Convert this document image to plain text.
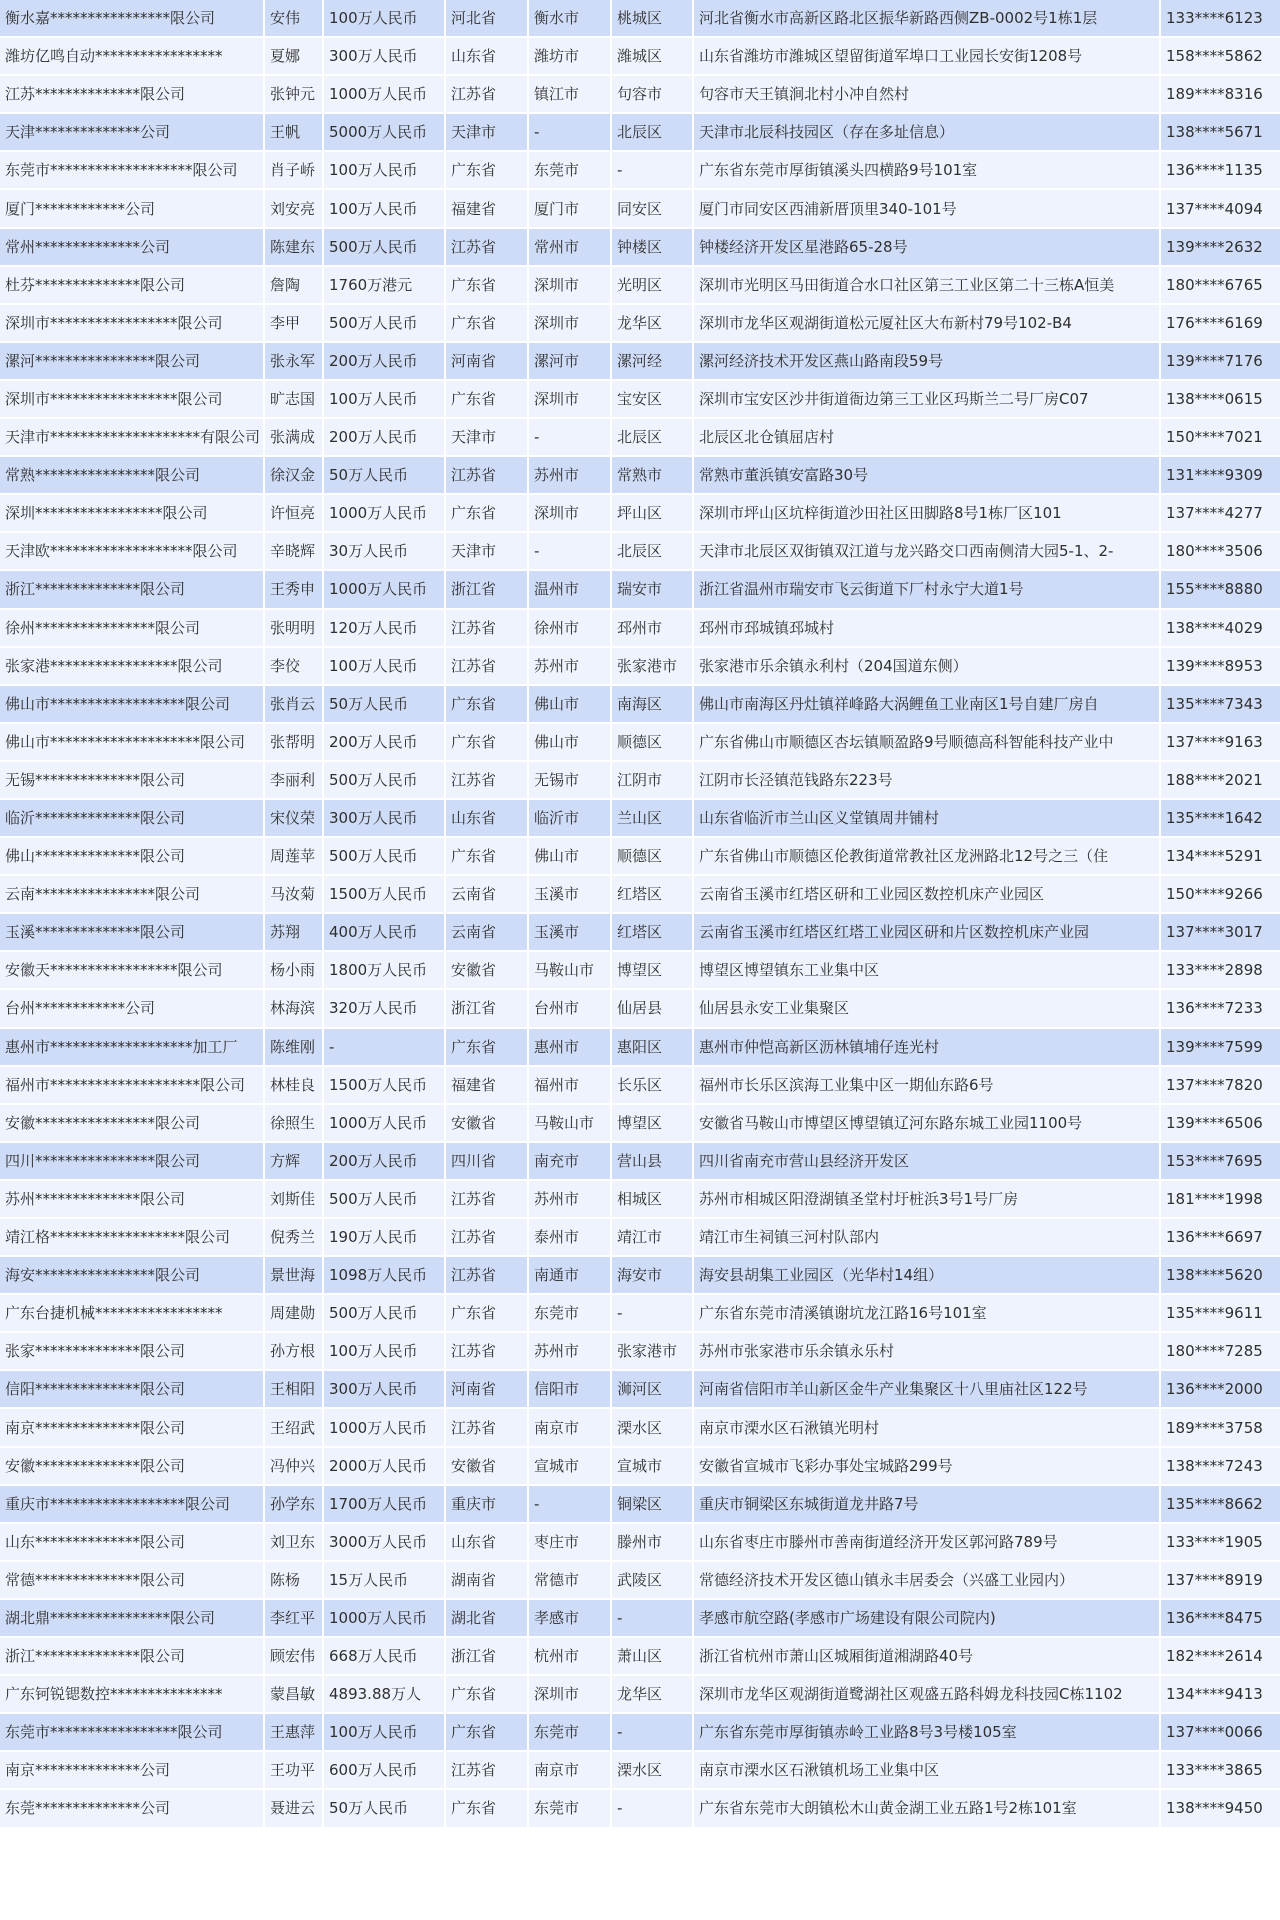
衡水嘉****************限公司	安伟	100万人民币	河北省	衡水市	桃城区	河北省衡水市高新区路北区振华新路西侧ZB-0002号1栋1层	133****6123
潍坊亿鸣自动*****************	夏娜	300万人民币	山东省	潍坊市	潍城区	山东省潍坊市潍城区望留街道军埠口工业园长安街1208号	158****5862
江苏**************限公司	张钟元	1000万人民币	江苏省	镇江市	句容市	句容市天王镇涧北村小冲自然村	189****8316
天津**************公司	王帆	5000万人民币	天津市	-	北辰区	天津市北辰科技园区（存在多址信息）	138****5671
东莞市*******************限公司	肖子峤	100万人民币	广东省	东莞市	-	广东省东莞市厚街镇溪头四横路9号101室	136****1135
厦门************公司	刘安亮	100万人民币	福建省	厦门市	同安区	厦门市同安区西浦新厝顶里340-101号	137****4094
常州**************公司	陈建东	500万人民币	江苏省	常州市	钟楼区	钟楼经济开发区星港路65-28号	139****2632
杜芬**************限公司	詹陶	1760万港元	广东省	深圳市	光明区	深圳市光明区马田街道合水口社区第三工业区第二十三栋A恒美	180****6765
深圳市*****************限公司	李甲	500万人民币	广东省	深圳市	龙华区	深圳市龙华区观湖街道松元厦社区大布新村79号102-B4	176****6169
漯河****************限公司	张永军	200万人民币	河南省	漯河市	漯河经	漯河经济技术开发区燕山路南段59号	139****7176
深圳市*****************限公司	旷志国	100万人民币	广东省	深圳市	宝安区	深圳市宝安区沙井街道衙边第三工业区玛斯兰二号厂房C07	138****0615
天津市********************有限公司	张满成	200万人民币	天津市	-	北辰区	北辰区北仓镇屈店村	150****7021
常熟****************限公司	徐汉金	50万人民币	江苏省	苏州市	常熟市	常熟市董浜镇安富路30号	131****9309
深圳*****************限公司	许恒亮	1000万人民币	广东省	深圳市	坪山区	深圳市坪山区坑梓街道沙田社区田脚路8号1栋厂区101	137****4277
天津欧*******************限公司	辛晓辉	30万人民币	天津市	-	北辰区	天津市北辰区双街镇双江道与龙兴路交口西南侧清大园5-1、2-	180****3506
浙江**************限公司	王秀申	1000万人民币	浙江省	温州市	瑞安市	浙江省温州市瑞安市飞云街道下厂村永宁大道1号	155****8880
徐州****************限公司	张明明	120万人民币	江苏省	徐州市	邳州市	邳州市邳城镇邳城村	138****4029
张家港*****************限公司	李佼	100万人民币	江苏省	苏州市	张家港市	张家港市乐余镇永利村（204国道东侧）	139****8953
佛山市******************限公司	张肖云	50万人民币	广东省	佛山市	南海区	佛山市南海区丹灶镇祥峰路大涡鲤鱼工业南区1号自建厂房自	135****7343
佛山市********************限公司	张帮明	200万人民币	广东省	佛山市	顺德区	广东省佛山市顺德区杏坛镇顺盈路9号顺德高科智能科技产业中	137****9163
无锡**************限公司	李丽利	500万人民币	江苏省	无锡市	江阴市	江阴市长泾镇范钱路东223号	188****2021
临沂**************限公司	宋仪荣	300万人民币	山东省	临沂市	兰山区	山东省临沂市兰山区义堂镇周井铺村	135****1642
佛山**************限公司	周莲苹	500万人民币	广东省	佛山市	顺德区	广东省佛山市顺德区伦教街道常教社区龙洲路北12号之三（住	134****5291
云南****************限公司	马汝菊	1500万人民币	云南省	玉溪市	红塔区	云南省玉溪市红塔区研和工业园区数控机床产业园区	150****9266
玉溪**************限公司	苏翔	400万人民币	云南省	玉溪市	红塔区	云南省玉溪市红塔区红塔工业园区研和片区数控机床产业园	137****3017
安徽天*****************限公司	杨小雨	1800万人民币	安徽省	马鞍山市	博望区	博望区博望镇东工业集中区	133****2898
台州************公司	林海滨	320万人民币	浙江省	台州市	仙居县	仙居县永安工业集聚区	136****7233
惠州市*******************加工厂	陈维刚	-	广东省	惠州市	惠阳区	惠州市仲恺高新区沥林镇埔仔连光村	139****7599
福州市********************限公司	林桂良	1500万人民币	福建省	福州市	长乐区	福州市长乐区滨海工业集中区一期仙东路6号	137****7820
安徽****************限公司	徐照生	1000万人民币	安徽省	马鞍山市	博望区	安徽省马鞍山市博望区博望镇辽河东路东城工业园1100号	139****6506
四川****************限公司	方辉	200万人民币	四川省	南充市	营山县	四川省南充市营山县经济开发区	153****7695
苏州**************限公司	刘斯佳	500万人民币	江苏省	苏州市	相城区	苏州市相城区阳澄湖镇圣堂村圩桩浜3号1号厂房	181****1998
靖江格******************限公司	倪秀兰	190万人民币	江苏省	泰州市	靖江市	靖江市生祠镇三河村队部内	136****6697
海安****************限公司	景世海	1098万人民币	江苏省	南通市	海安市	海安县胡集工业园区（光华村14组）	138****5620
广东台捷机械*****************	周建勋	500万人民币	广东省	东莞市	-	广东省东莞市清溪镇谢坑龙江路16号101室	135****9611
张家**************限公司	孙方根	100万人民币	江苏省	苏州市	张家港市	苏州市张家港市乐余镇永乐村	180****7285
信阳**************限公司	王相阳	300万人民币	河南省	信阳市	浉河区	河南省信阳市羊山新区金牛产业集聚区十八里庙社区122号	136****2000
南京**************限公司	王绍武	1000万人民币	江苏省	南京市	溧水区	南京市溧水区石湫镇光明村	189****3758
安徽**************限公司	冯仲兴	2000万人民币	安徽省	宣城市	宣城市	安徽省宣城市飞彩办事处宝城路299号	138****7243
重庆市******************限公司	孙学东	1700万人民币	重庆市	-	铜梁区	重庆市铜梁区东城街道龙井路7号	135****8662
山东**************限公司	刘卫东	3000万人民币	山东省	枣庄市	滕州市	山东省枣庄市滕州市善南街道经济开发区郭河路789号	133****1905
常德**************限公司	陈杨	15万人民币	湖南省	常德市	武陵区	常德经济技术开发区德山镇永丰居委会（兴盛工业园内）	137****8919
湖北鼎****************限公司	李红平	1000万人民币	湖北省	孝感市	-	孝感市航空路(孝感市广场建设有限公司院内)	136****8475
浙江**************限公司	顾宏伟	668万人民币	浙江省	杭州市	萧山区	浙江省杭州市萧山区城厢街道湘湖路40号	182****2614
广东钶锐锶数控***************	蒙昌敏	4893.88万人	广东省	深圳市	龙华区	深圳市龙华区观湖街道鹭湖社区观盛五路科姆龙科技园C栋1102	134****9413
东莞市*****************限公司	王惠萍	100万人民币	广东省	东莞市	-	广东省东莞市厚街镇赤岭工业路8号3号楼105室	137****0066
南京**************公司	王功平	600万人民币	江苏省	南京市	溧水区	南京市溧水区石湫镇机场工业集中区	133****3865
东莞**************公司	聂进云	50万人民币	广东省	东莞市	-	广东省东莞市大朗镇松木山黄金湖工业五路1号2栋101室	138****9450
